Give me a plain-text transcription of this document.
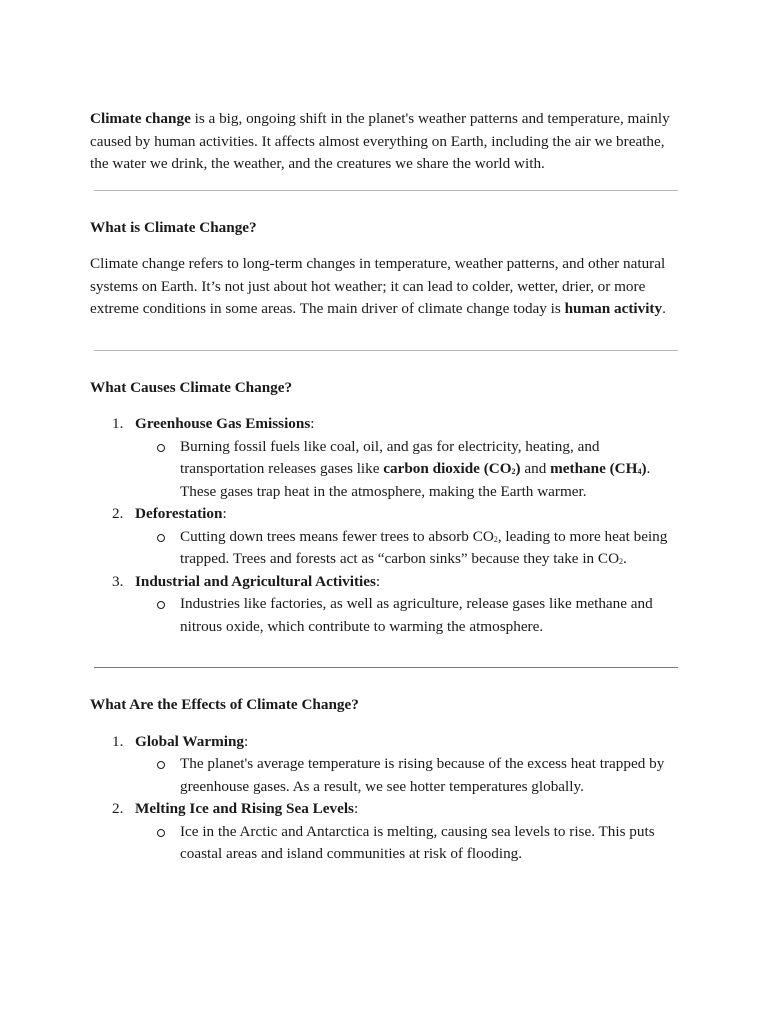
Climate change is a big, ongoing shift in the planet's weather patterns and temperature, mainly caused by human activities. It affects almost everything on Earth, including the air we breathe, the water we drink, the weather, and the creatures we share the world with.

What is Climate Change?

Climate change refers to long-term changes in temperature, weather patterns, and other natural systems on Earth. It’s not just about hot weather; it can lead to colder, wetter, drier, or more extreme conditions in some areas. The main driver of climate change today is human activity.

What Causes Climate Change?
1. Greenhouse Gas Emissions:
Burning fossil fuels like coal, oil, and gas for electricity, heating, and transportation releases gases like carbon dioxide $(CO_2)$ and methane $(CH_4)$. These gases trap heat in the atmosphere, making the Earth warmer.
2. Deforestation:
Cutting down trees means fewer trees to absorb $CO_2$, leading to more heat being trapped. Trees and forests act as “carbon sinks” because they take in $CO_2$.
3. Industrial and Agricultural Activities:
Industries like factories, as well as agriculture, release gases like methane and nitrous oxide, which contribute to warming the atmosphere.
What Are the Effects of Climate Change?
1. Global Warming:
The planet's average temperature is rising because of the excess heat trapped by greenhouse gases. As a result, we see hotter temperatures globally.
2. Melting Ice and Rising Sea Levels:
Ice in the Arctic and Antarctica is melting, causing sea levels to rise. This puts coastal areas and island communities at risk of flooding.
